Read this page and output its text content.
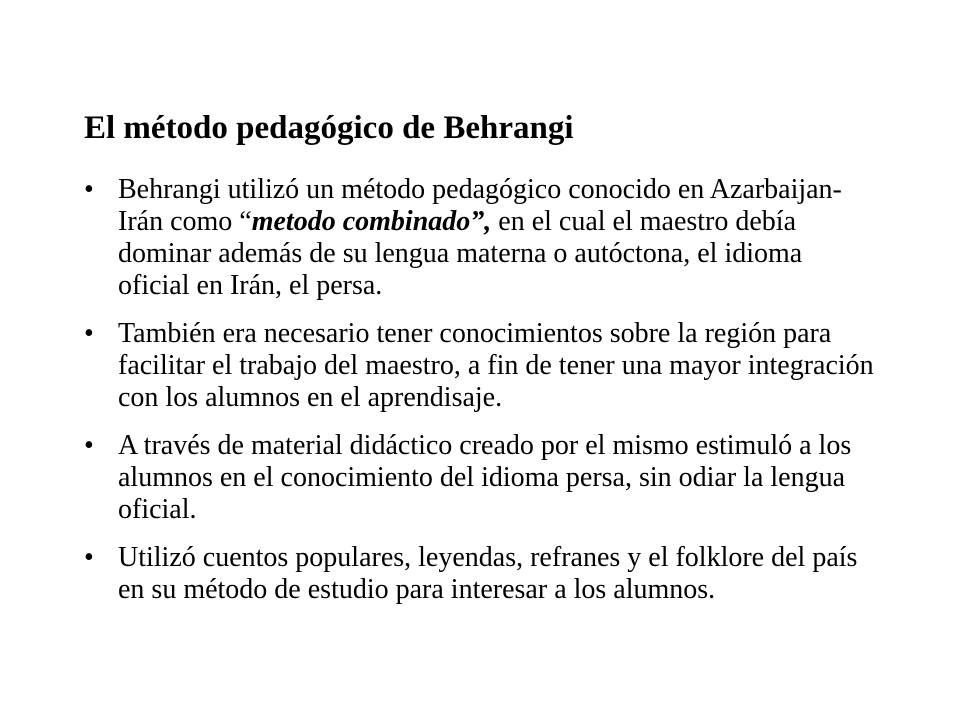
El método pedagógico de Behrangi
• Behrangi utilizó un método pedagógico conocido en Azarbaijan-Irán como “metodo combinado”, en el cual el maestro debía dominar además de su lengua materna o autóctona, el idioma oficial en Irán, el persa.
• También era necesario tener conocimientos sobre la región para facilitar el trabajo del maestro, a fin de tener una mayor integración con los alumnos en el aprendisaje.
• A través de material didáctico creado por el mismo estimuló a los alumnos en el conocimiento del idioma persa, sin odiar la lengua oficial.
• Utilizó cuentos populares, leyendas, refranes y el folklore del país en su método de estudio para interesar a los alumnos.
